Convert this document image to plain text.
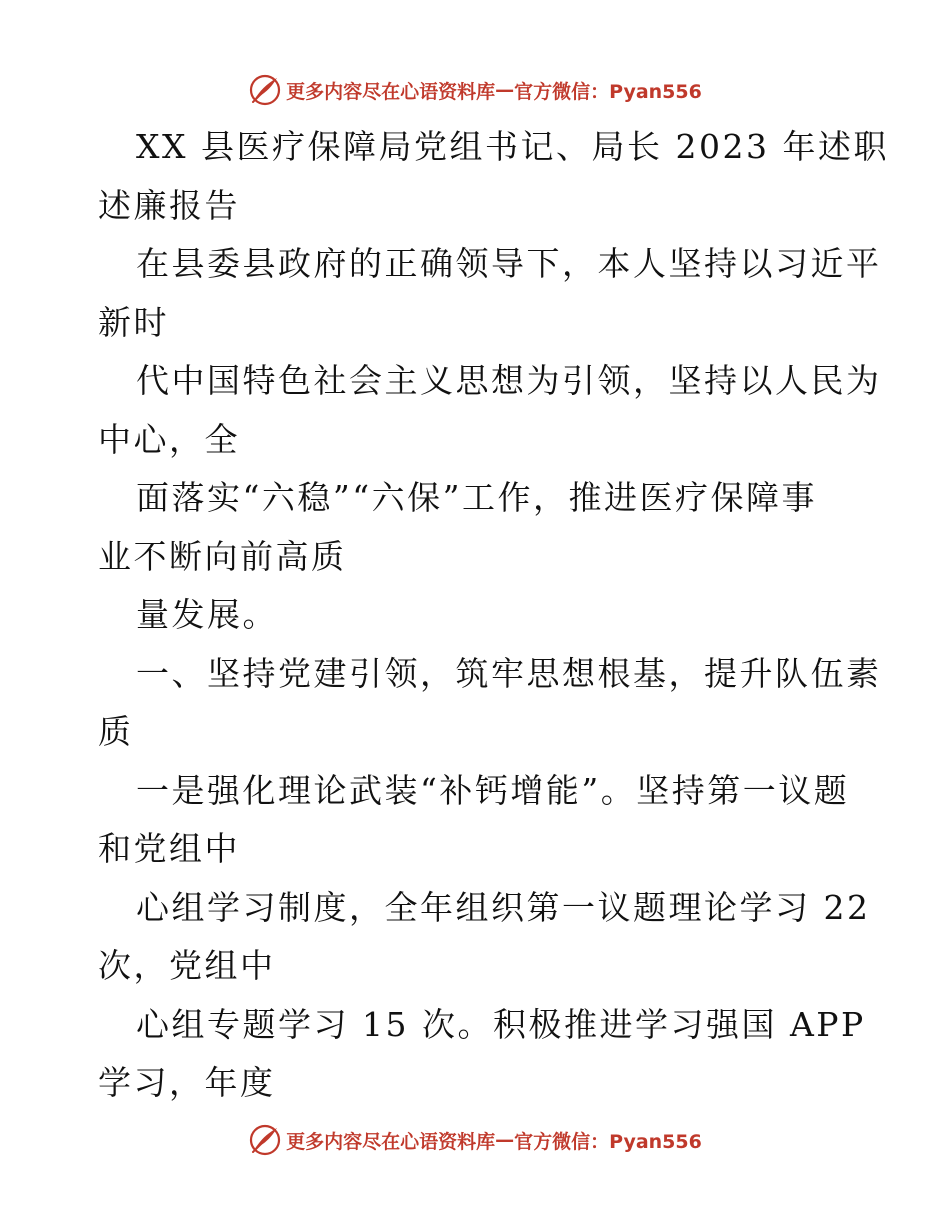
更多内容尽在心语资料库 — 官方微信：Pyan556
XX 县医疗保障局党组书记、局长 2023 年述职
述廉报告
在县委县政府的正确领导下，本人坚持以习近平
新时
代中国特色社会主义思想为引领，坚持以人民为
中心，全
面落实“六稳”“六保”工作，推进医疗保障事
业不断向前高质
量发展。
一、坚持党建引领，筑牢思想根基，提升队伍素
质
一是强化理论武装“补钙增能”。坚持第一议题
和党组中
心组学习制度，全年组织第一议题理论学习 22
次，党组中
心组专题学习 15 次。积极推进学习强国 APP
学习，年度
更多内容尽在心语资料库 — 官方微信：Pyan556
